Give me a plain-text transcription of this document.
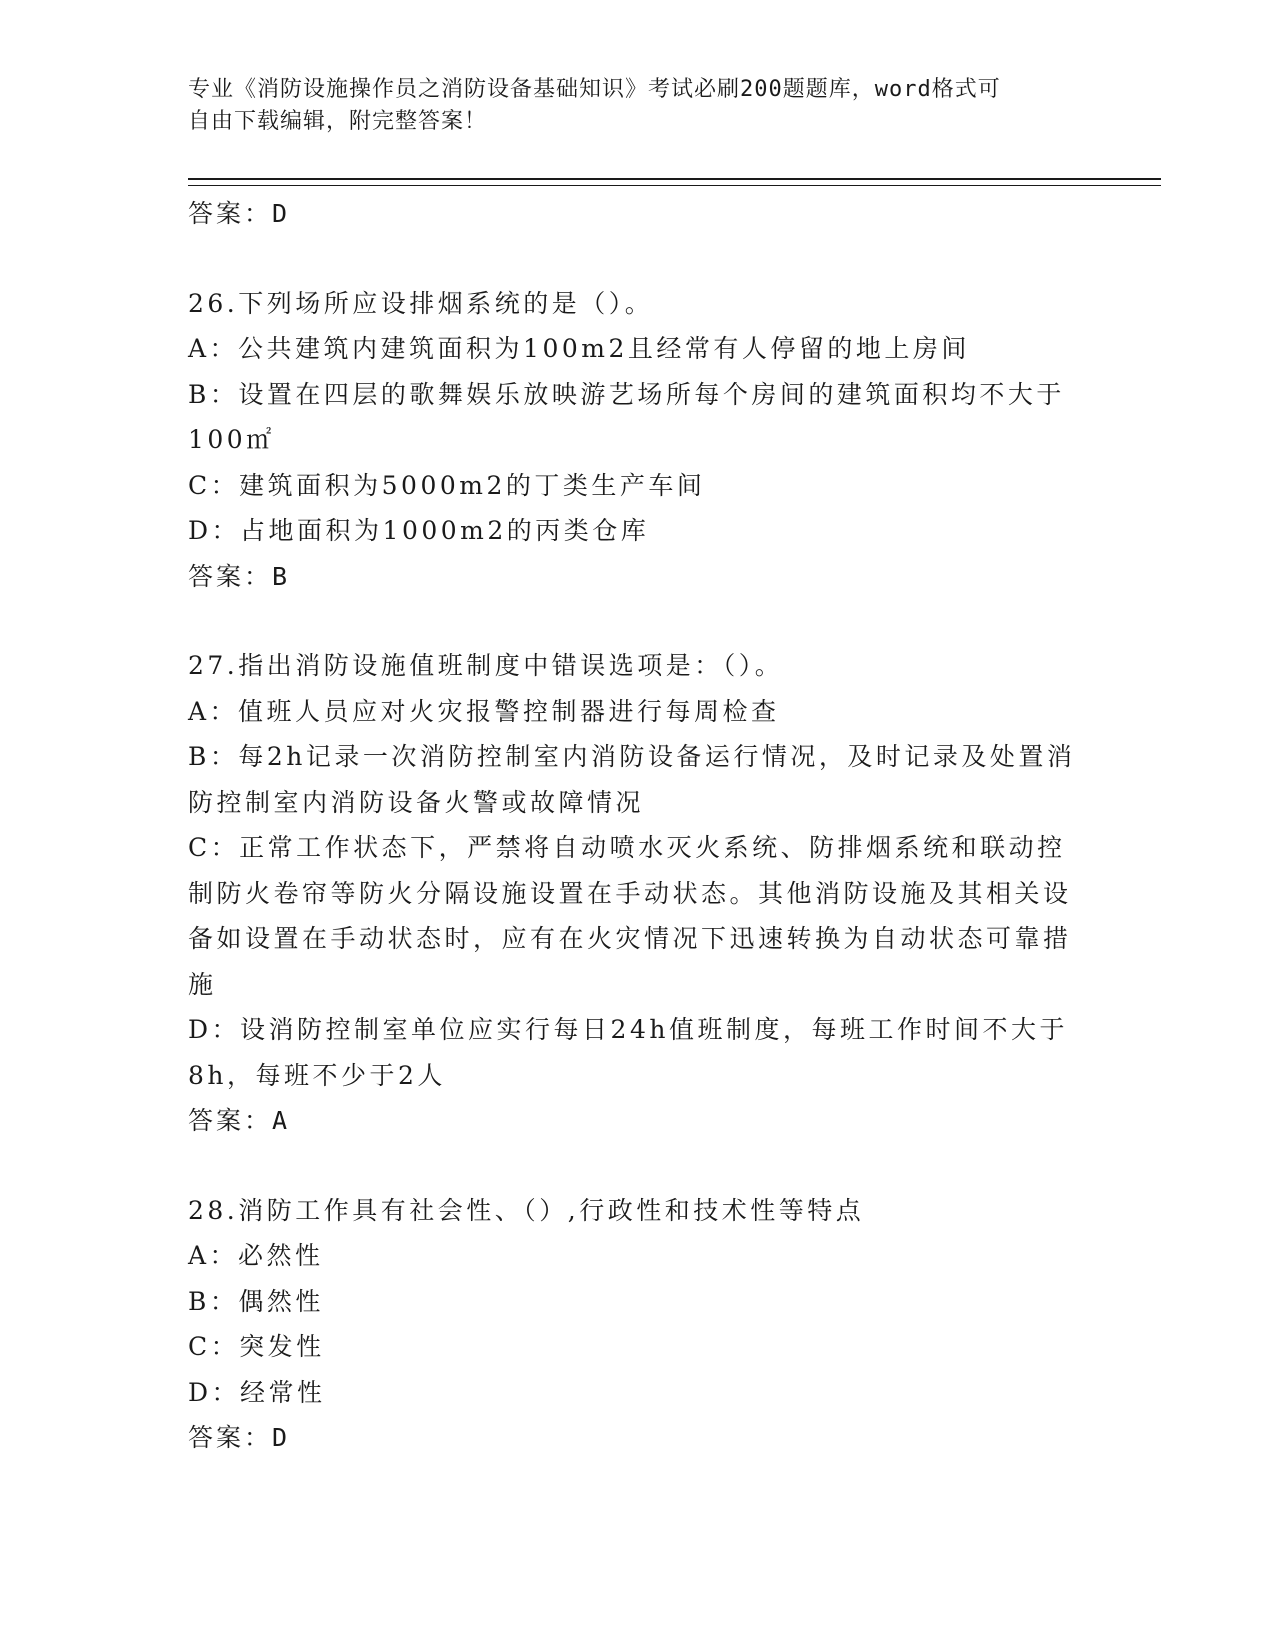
专业《消防设施操作员之消防设备基础知识》考试必刷200题题库，word格式可
自由下载编辑，附完整答案！
答案：D
26.下列场所应设排烟系统的是（）。
A：公共建筑内建筑面积为100m2且经常有人停留的地上房间
B：设置在四层的歌舞娱乐放映游艺场所每个房间的建筑面积均不大于100㎡
C：建筑面积为5000m2的丁类生产车间
D：占地面积为1000m2的丙类仓库
答案：B
27.指出消防设施值班制度中错误选项是：（）。
A：值班人员应对火灾报警控制器进行每周检查
B：每2h记录一次消防控制室内消防设备运行情况，及时记录及处置消防控制室内消防设备火警或故障情况
C：正常工作状态下，严禁将自动喷水灭火系统、防排烟系统和联动控制防火卷帘等防火分隔设施设置在手动状态。其他消防设施及其相关设备如设置在手动状态时，应有在火灾情况下迅速转换为自动状态可靠措施
D：设消防控制室单位应实行每日24h值班制度，每班工作时间不大于8h，每班不少于2人
答案：A
28.消防工作具有社会性、（）,行政性和技术性等特点
A：必然性
B：偶然性
C：突发性
D：经常性
答案：D
